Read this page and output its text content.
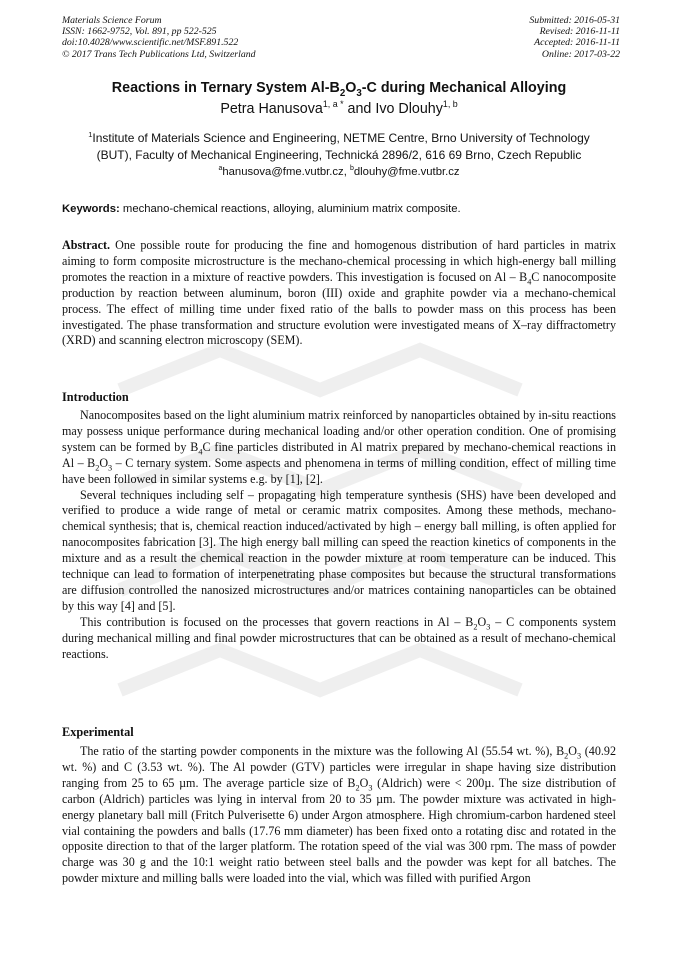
Materials Science Forum
ISSN: 1662-9752, Vol. 891, pp 522-525
doi:10.4028/www.scientific.net/MSF.891.522
© 2017 Trans Tech Publications Ltd, Switzerland
Submitted: 2016-05-31
Revised: 2016-11-11
Accepted: 2016-11-11
Online: 2017-03-22
Reactions in Ternary System $Al-B_2O_3-C$ during Mechanical Alloying
Petra Hanusova$^{1, a *}$ and Ivo Dlouhy$^{1, b}$
$^1$Institute of Materials Science and Engineering, NETME Centre, Brno University of Technology
(BUT), Faculty of Mechanical Engineering, Technická 2896/2, 616 69 Brno, Czech Republic
$^a$hanusova@fme.vutbr.cz, $^b$dlouhy@fme.vutbr.cz
Keywords: mechano-chemical reactions, alloying, aluminium matrix composite.

Abstract. One possible route for producing the fine and homogenous distribution of hard particles in matrix aiming to form composite microstructure is the mechano-chemical processing in which high-energy ball milling promotes the reaction in a mixture of reactive powders. This investigation is focused on Al – $B_4C$ nanocomposite production by reaction between aluminum, boron (III) oxide and graphite powder via a mechano-chemical process. The effect of milling time under fixed ratio of the balls to powder mass on this process has been investigated. The phase transformation and structure evolution were investigated means of X–ray diffractometry (XRD) and scanning electron microscopy (SEM).

Introduction

Nanocomposites based on the light aluminium matrix reinforced by nanoparticles obtained by in-situ reactions may possess unique performance during mechanical loading and/or other operation condition. One of promising system can be formed by $B_4C$ fine particles distributed in Al matrix prepared by mechano-chemical reactions in Al – $B_2O_3$ – C ternary system. Some aspects and phenomena in terms of milling condition, effect of milling time have been followed in similar systems e.g. by [1], [2].

Several techniques including self – propagating high temperature synthesis (SHS) have been developed and verified to produce a wide range of metal or ceramic matrix composites. Among these methods, mechano-chemical synthesis; that is, chemical reaction induced/activated by high – energy ball milling, is often applied for nanocomposites fabrication [3]. The high energy ball milling can speed the reaction kinetics of components in the mixture and as a result the chemical reaction in the powder mixture at room temperature can be induced. This technique can lead to formation of interpenetrating phase composites but because the structural transformations are diffusion controlled the nanosized microstructures and/or matrices containing nanoparticles can be obtained by this way [4] and [5].

This contribution is focused on the processes that govern reactions in Al – $B_2O_3$ – C components system during mechanical milling and final powder microstructures that can be obtained as a result of mechano-chemical reactions.

Experimental

The ratio of the starting powder components in the mixture was the following Al (55.54 wt. %), $B_2O_3$ (40.92 wt. %) and C (3.53 wt. %). The Al powder (GTV) particles were irregular in shape having size distribution ranging from 25 to 65 µm. The average particle size of $B_2O_3$ (Aldrich) were < 200µ. The size distribution of carbon (Aldrich) particles was lying in interval from 20 to 35 µm. The powder mixture was activated in high-energy planetary ball mill (Fritch Pulverisette 6) under Argon atmosphere. High chromium-carbon hardened steel vial containing the powders and balls (17.76 mm diameter) has been fixed onto a rotating disc and rotated in the opposite direction to that of the larger platform. The rotation speed of the vial was 300 rpm. The mass of powder charge was 30 g and the 10:1 weight ratio between steel balls and the powder was kept for all batches. The powder mixture and milling balls were loaded into the vial, which was filled with purified Argon
